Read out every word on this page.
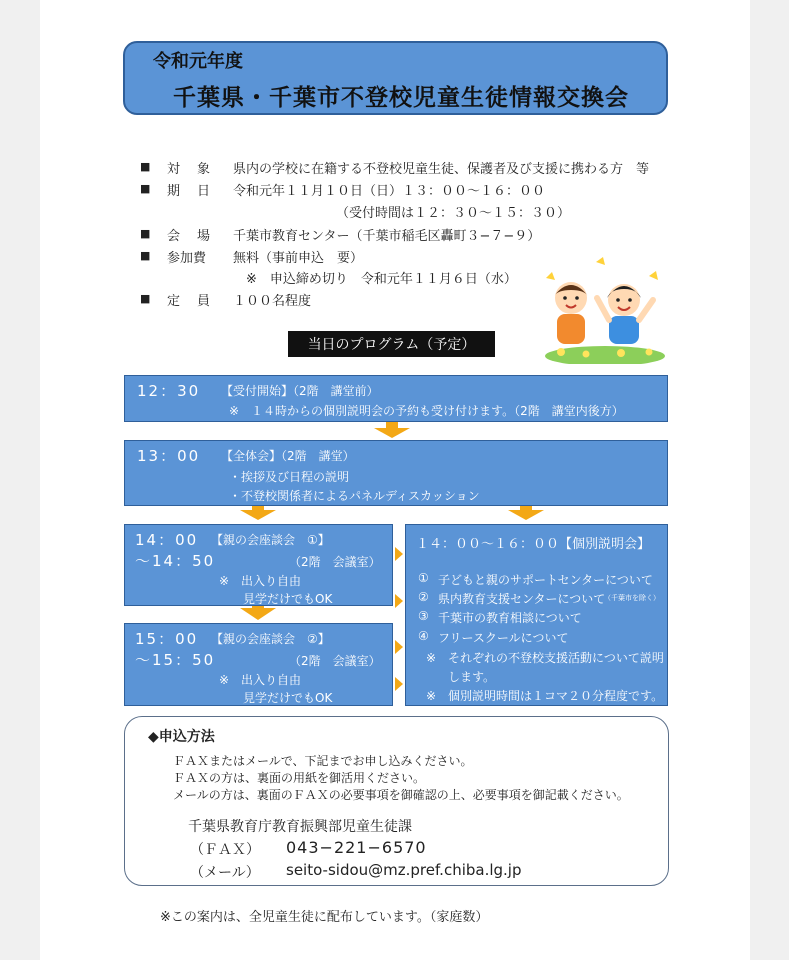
令和元年度
千葉県・千葉市不登校児童生徒情報交換会
■ 対　象 県内の学校に在籍する不登校児童生徒、保護者及び支援に携わる方　等
■ 期　日 令和元年１１月１０日（日）１３：００〜１６：００
（受付時間は１２：３０〜１５：３０）
■ 会　場 千葉市教育センター（千葉市稲毛区轟町３−７−９）
■ 参加費 無料（事前申込　要）
※　申込締め切り　令和元年１１月６日（水）
■ 定　員 １００名程度
当日のプログラム（予定）
12：30 【受付開始】（2階　講堂前）
※　１４時からの個別説明会の予約も受け付けます。（2階　講堂内後方）
13：00 【全体会】（2階　講堂）
・挨拶及び日程の説明
・不登校関係者によるパネルディスカッション
14：00 【親の会座談会　①】
〜14：50	（2階　会議室）
※　出入り自由
見学だけでもOK
15：00 【親の会座談会　②】
〜15：50	（2階　会議室）
※　出入り自由
見学だけでもOK
１４：００〜１６：００【個別説明会】
① 子どもと親のサポートセンターについて
② 県内教育支援センターについて
（千葉市を除く）
③ 千葉市の教育相談について
④ フリースクールについて
※　それぞれの不登校支援活動について説明
します。
※　個別説明時間は１コマ２０分程度です。
◆申込方法
ＦＡＸまたはメールで、下記までお申し込みください。
ＦＡＸの方は、裏面の用紙を御活用ください。
メールの方は、裏面のＦＡＸの必要事項を御確認の上、必要事項を御記載ください。
千葉県教育庁教育振興部児童生徒課
（ＦＡＸ） 043−221−6570
（メール） seito-sidou@mz.pref.chiba.lg.jp
※この案内は、全児童生徒に配布しています。（家庭数）
